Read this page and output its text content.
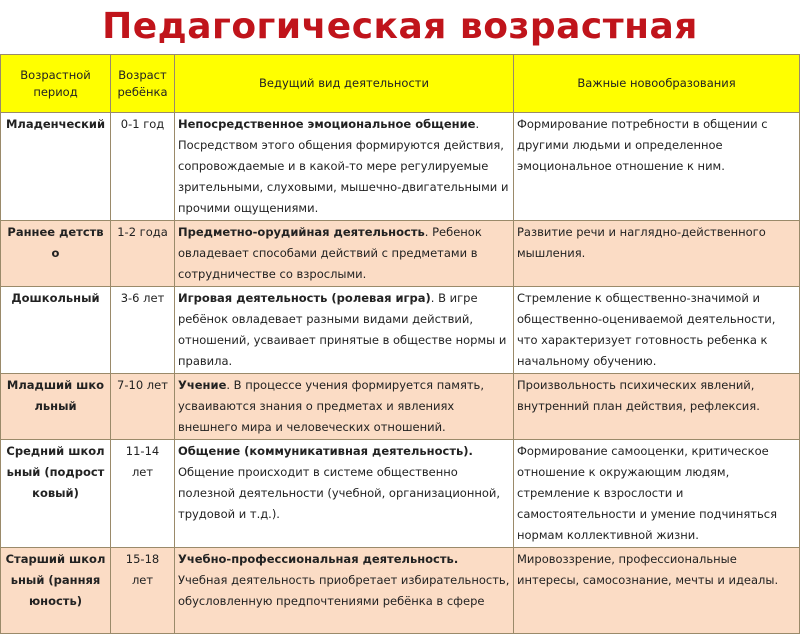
Педагогическая возрастная
Возрастной период	Возраст ребёнка	Ведущий вид деятельности	Важные новообразования
Младенческий	0-1 год	Непосредственное эмоциональное общение. Посредством этого общения формируются действия, сопровождаемые и в какой-то мере регулируемые зрительными, слуховыми, мышечно-двигательными и прочими ощущениями.	Формирование потребности в общении с другими людьми и определенное эмоциональное отношение к ним.
Раннее детство	1-2 года	Предметно-орудийная деятельность. Ребенок овладевает способами действий с предметами в сотрудничестве со взрослыми.	Развитие речи и наглядно-действенного мышления.
Дошкольный	3-6 лет	Игровая деятельность (ролевая игра). В игре ребёнок овладевает разными видами действий, отношений, усваивает принятые в обществе нормы и правила.	Стремление к общественно-значимой и общественно-оцениваемой деятельности, что характеризует готовность ребенка к начальному обучению.
Младший школьный	7-10 лет	Учение. В процессе учения формируется память, усваиваются знания о предметах и явлениях внешнего мира и человеческих отношений.	Произвольность психических явлений, внутренний план действия, рефлексия.
Средний школьный (подростковый)	11-14 лет	Общение (коммуникативная деятельность). Общение происходит в системе общественно полезной деятельности (учебной, организационной, трудовой и т.д.).	Формирование самооценки, критическое отношение к окружающим людям, стремление к взрослости и самостоятельности и умение подчиняться нормам коллективной жизни.
Старший школьный (ранняя юность)	15-18 лет	Учебно-профессиональная деятельность. Учебная деятельность приобретает избирательность, обусловленную предпочтениями ребёнка в сфере	Мировоззрение, профессиональные интересы, самосознание, мечты и идеалы.
